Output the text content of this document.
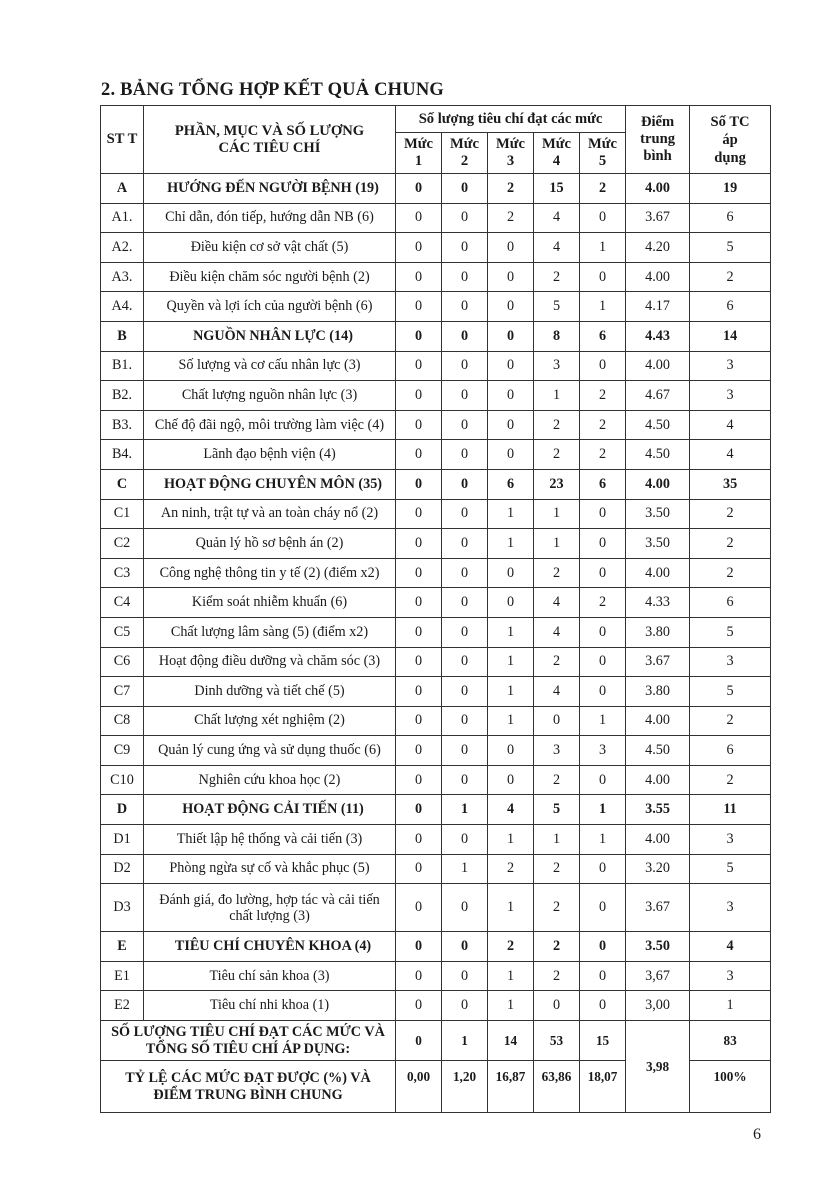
2. BẢNG TỔNG HỢP KẾT QUẢ CHUNG
ST T	PHẦN, MỤC VÀ SỐ LƯỢNG CÁC TIÊU CHÍ	Số lượng tiêu chí đạt các mức					Điểm trung bình	Số TC áp dụng
		Mức 1	Mức 2	Mức 3	Mức 4	Mức 5		
A	HƯỚNG ĐẾN NGƯỜI BỆNH (19)	0	0	2	15	2	4.00	19
A1.	Chỉ dẫn, đón tiếp, hướng dẫn NB (6)	0	0	2	4	0	3.67	6
A2.	Điều kiện cơ sở vật chất (5)	0	0	0	4	1	4.20	5
A3.	Điều kiện chăm sóc người bệnh (2)	0	0	0	2	0	4.00	2
A4.	Quyền và lợi ích của người bệnh (6)	0	0	0	5	1	4.17	6
B	NGUỒN NHÂN LỰC (14)	0	0	0	8	6	4.43	14
B1.	Số lượng và cơ cấu nhân lực (3)	0	0	0	3	0	4.00	3
B2.	Chất lượng nguồn nhân lực (3)	0	0	0	1	2	4.67	3
B3.	Chế độ đãi ngộ, môi trường làm việc (4)	0	0	0	2	2	4.50	4
B4.	Lãnh đạo bệnh viện (4)	0	0	0	2	2	4.50	4
C	HOẠT ĐỘNG CHUYÊN MÔN (35)	0	0	6	23	6	4.00	35
C1	An ninh, trật tự và an toàn cháy nổ (2)	0	0	1	1	0	3.50	2
C2	Quản lý hồ sơ bệnh án (2)	0	0	1	1	0	3.50	2
C3	Công nghệ thông tin y tế (2) (điểm x2)	0	0	0	2	0	4.00	2
C4	Kiểm soát nhiễm khuẩn (6)	0	0	0	4	2	4.33	6
C5	Chất lượng lâm sàng (5) (điểm x2)	0	0	1	4	0	3.80	5
C6	Hoạt động điều dưỡng và chăm sóc (3)	0	0	1	2	0	3.67	3
C7	Dinh dưỡng và tiết chế (5)	0	0	1	4	0	3.80	5
C8	Chất lượng xét nghiệm (2)	0	0	1	0	1	4.00	2
C9	Quản lý cung ứng và sử dụng thuốc (6)	0	0	0	3	3	4.50	6
C10	Nghiên cứu khoa học (2)	0	0	0	2	0	4.00	2
D	HOẠT ĐỘNG CẢI TIẾN (11)	0	1	4	5	1	3.55	11
D1	Thiết lập hệ thống và cải tiến (3)	0	0	1	1	1	4.00	3
D2	Phòng ngừa sự cố và khắc phục (5)	0	1	2	2	0	3.20	5
D3	Đánh giá, đo lường, hợp tác và cải tiến chất lượng (3)	0	0	1	2	0	3.67	3
E	TIÊU CHÍ CHUYÊN KHOA (4)	0	0	2	2	0	3.50	4
E1	Tiêu chí sản khoa (3)	0	0	1	2	0	3,67	3
E2	Tiêu chí nhi khoa (1)	0	0	1	0	0	3,00	1
SỐ LƯỢNG TIÊU CHÍ ĐẠT CÁC MỨC VÀ TỔNG SỐ TIÊU CHÍ ÁP DỤNG:		0	1	14	53	15	3,98	83
TỶ LỆ CÁC MỨC ĐẠT ĐƯỢC (%) VÀ ĐIỂM TRUNG BÌNH CHUNG		0,00	1,20	16,87	63,86	18,07		100%
6
